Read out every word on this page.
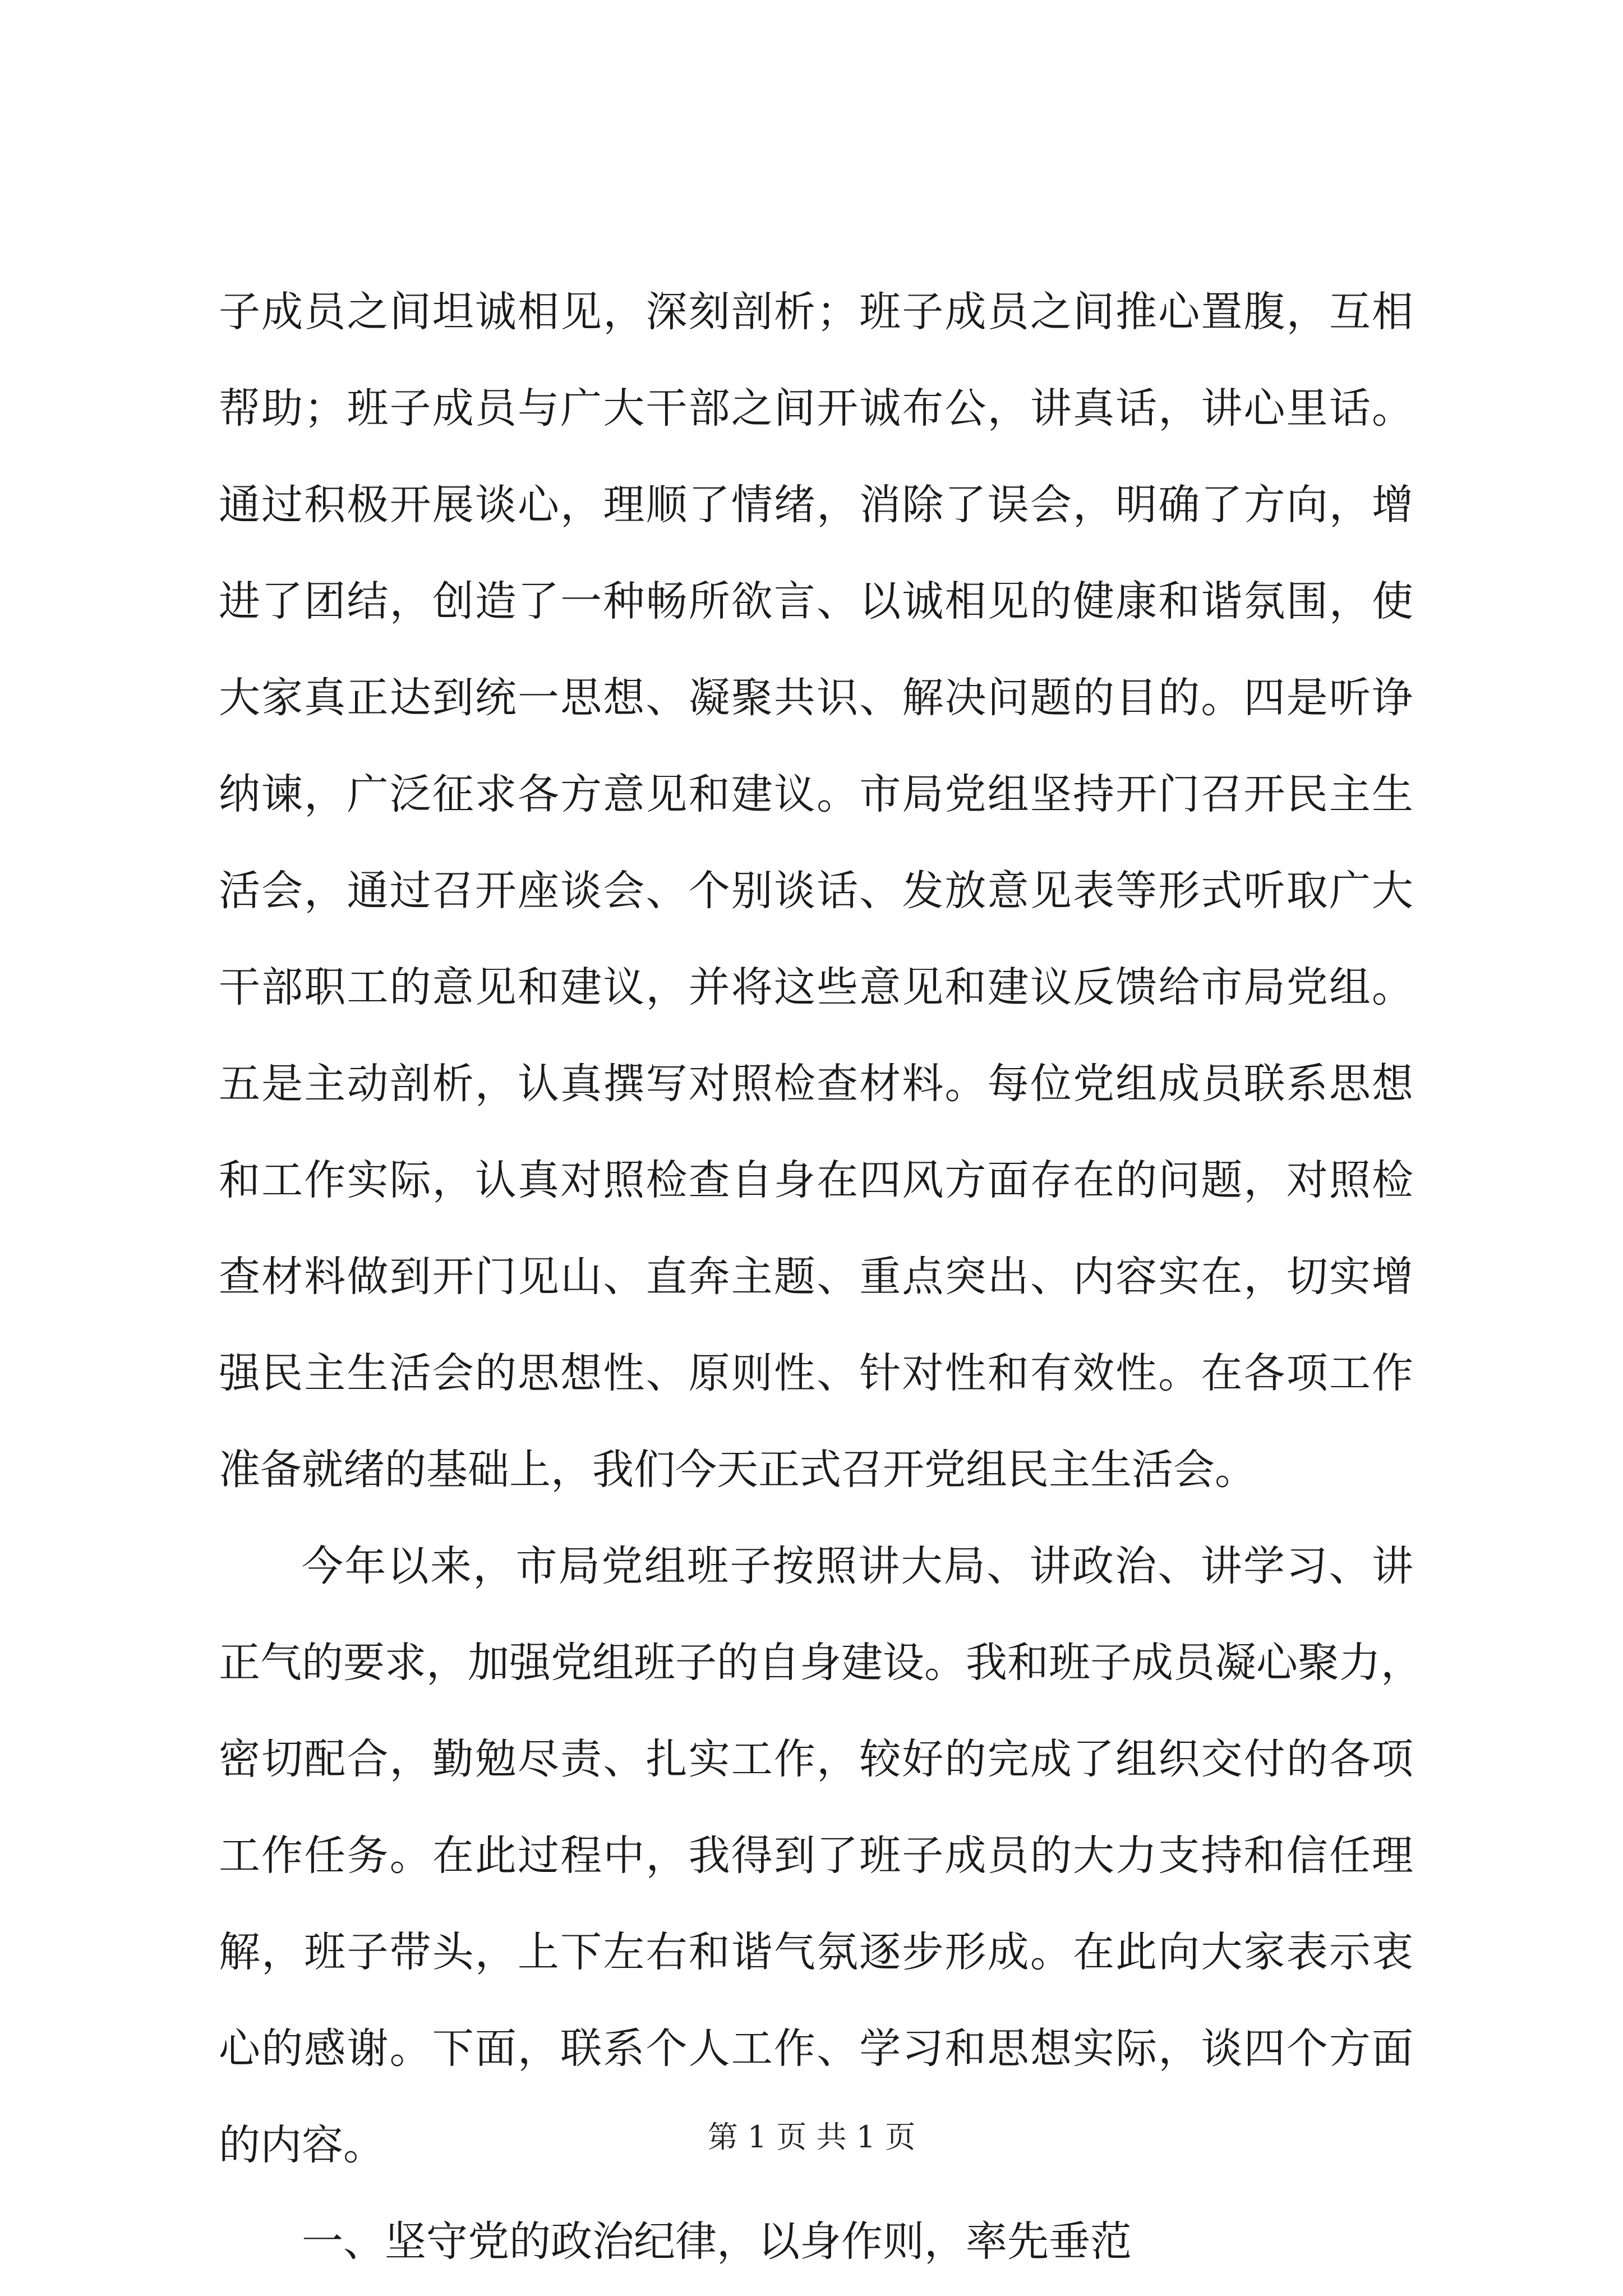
子成员之间坦诚相见，深刻剖析；班子成员之间推心置腹，互相
帮助；班子成员与广大干部之间开诚布公，讲真话，讲心里话。
通过积极开展谈心，理顺了情绪，消除了误会，明确了方向，增
进了团结，创造了一种畅所欲言、以诚相见的健康和谐氛围，使
大家真正达到统一思想、凝聚共识、解决问题的目的。四是听诤
纳谏，广泛征求各方意见和建议。市局党组坚持开门召开民主生
活会，通过召开座谈会、个别谈话、发放意见表等形式听取广大
干部职工的意见和建议，并将这些意见和建议反馈给市局党组。
五是主动剖析，认真撰写对照检查材料。每位党组成员联系思想
和工作实际，认真对照检查自身在四风方面存在的问题，对照检
查材料做到开门见山、直奔主题、重点突出、内容实在，切实增
强民主生活会的思想性、原则性、针对性和有效性。在各项工作
准备就绪的基础上，我们今天正式召开党组民主生活会。
今年以来，市局党组班子按照讲大局、讲政治、讲学习、讲
正气的要求，加强党组班子的自身建设。我和班子成员凝心聚力，
密切配合，勤勉尽责、扎实工作，较好的完成了组织交付的各项
工作任务。在此过程中，我得到了班子成员的大力支持和信任理
解，班子带头，上下左右和谐气氛逐步形成。在此向大家表示衷
心的感谢。下面，联系个人工作、学习和思想实际，谈四个方面
的内容。
一、坚守党的政治纪律，以身作则，率先垂范
第 1 页 共 1 页
